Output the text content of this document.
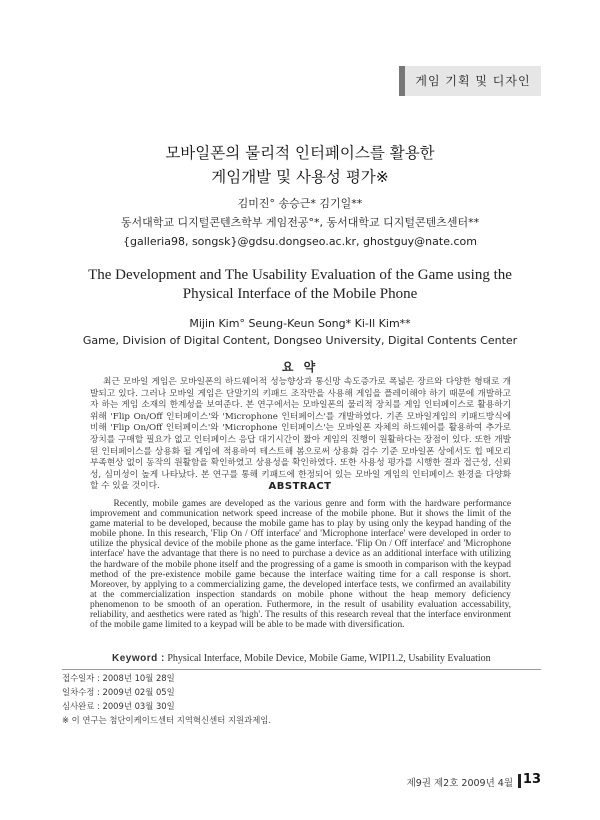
게임 기획 및 디자인
모바일폰의 물리적 인터페이스를 활용한
게임개발 및 사용성 평가※
김미진° 송승근* 김기일**
동서대학교 디지털콘텐츠학부 게임전공°*, 동서대학교 디지털콘텐츠센터**
{galleria98, songsk}@gdsu.dongseo.ac.kr, ghostguy@nate.com
The Development and The Usability Evaluation of the Game using the
Physical Interface of the Mobile Phone
Mijin Kim° Seung-Keun Song* Ki-Il Kim**
Game, Division of Digital Content, Dongseo University, Digital Contents Center
요 약

최근 모바일 게임은 모바일폰의 하드웨어적 성능향상과 통신망 속도증가로 폭넓은 장르와 다양한 형태로 개발되고 있다. 그러나 모바일 게임은 단말기의 키패드 조작만을 사용해 게임을 플레이해야 하기 때문에 개발하고자 하는 게임 소재의 한계성을 보여준다. 본 연구에서는 모바일폰의 물리적 장치를 게임 인터페이스로 활용하기 위해 'Flip On/Off 인터페이스'와 'Microphone 인터페이스'를 개발하였다. 기존 모바일게임의 키패드방식에 비해 'Flip On/Off 인터페이스'와 'Microphone 인터페이스'는 모바일폰 자체의 하드웨어를 활용하여 추가로 장치를 구매할 필요가 없고 인터페이스 응답 대기시간이 짧아 게임의 진행이 원활하다는 장점이 있다. 또한 개발된 인터페이스를 상용화 될 게임에 적용하여 테스트해 봄으로써 상용화 검수 기준 모바일폰 상에서도 힙 메모리 부족현상 없이 동작의 원활함을 확인하였고 상용성을 확인하였다. 또한 사용성 평가를 시행한 결과 접근성, 신뢰성, 심미성이 높게 나타났다. 본 연구를 통해 키패드에 한정되어 있는 모바일 게임의 인터페이스 환경을 다양화 할 수 있을 것이다.	ABSTRACT

Recently, mobile games are developed as the various genre and form with the hardware performance improvement and communication network speed increase of the mobile phone. But it shows the limit of the game material to be developed, because the mobile game has to play by using only the keypad handing of the mobile phone. In this research, 'Flip On / Off interface' and 'Microphone interface' were developed in order to utilize the physical device of the mobile phone as the game interface. 'Flip On / Off interface' and 'Microphone interface' have the advantage that there is no need to purchase a device as an additional interface with utilizing the hardware of the mobile phone itself and the progressing of a game is smooth in comparison with the keypad method of the pre-existence mobile game because the interface waiting time for a call response is short. Moreover, by applying to a commercializing game, the developed interface tests, we confirmed an availability at the commercialization inspection standards on mobile phone without the heap memory deficiency phenomenon to be smooth of an operation. Futhermore, in the result of usability evaluation accessability, reliability, and aesthetics were rated as 'high'. The results of this research reveal that the interface environment of the mobile game limited to a keypad will be able to be made with diversification.

Keyword : Physical Interface, Mobile Device, Mobile Game, WIPI1.2, Usability Evaluation
접수일자 : 2008년 10월 28일
일차수정 : 2009년 02월 05일
심사완료 : 2009년 03월 30일
※ 이 연구는 첨단이케이드센터 지역혁신센터 지원과제임.
제9권 제2호 2009년 4월 13
